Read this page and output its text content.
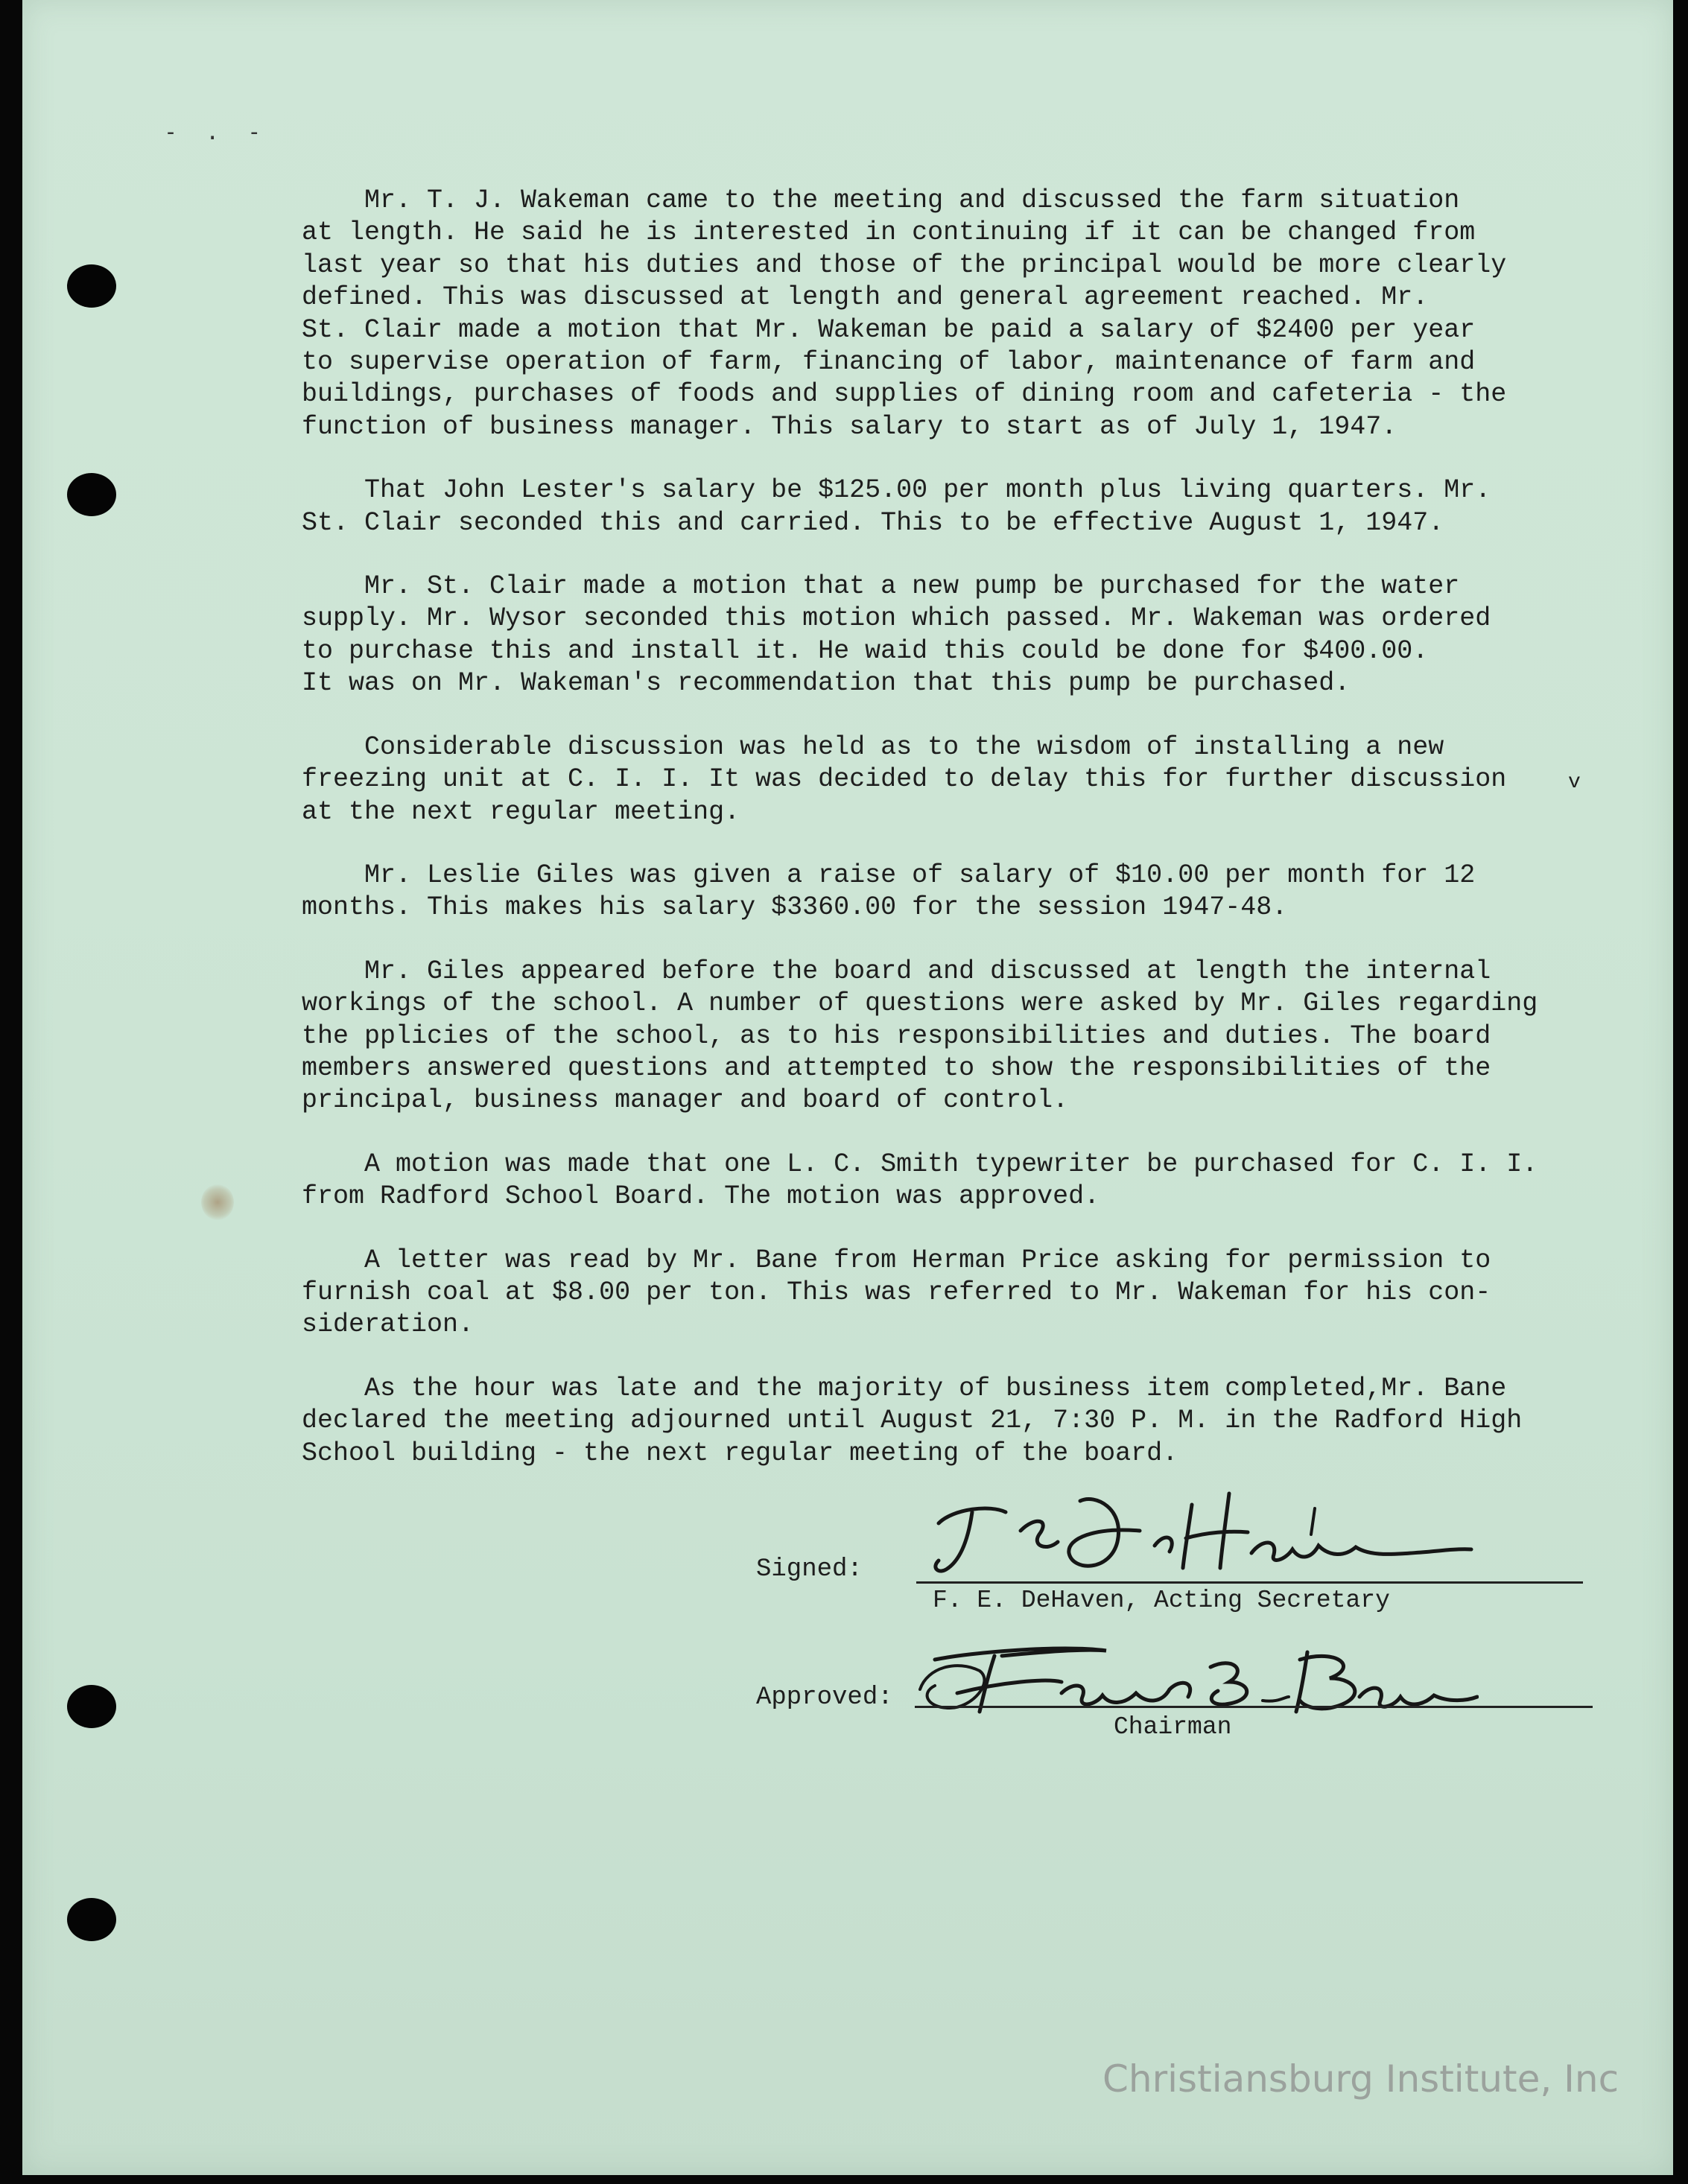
- . -

Mr. T. J. Wakeman came to the meeting and discussed the farm situation
at length. He said he is interested in continuing if it can be changed from
last year so that his duties and those of the principal would be more clearly
defined. This was discussed at length and general agreement reached. Mr.
St. Clair made a motion that Mr. Wakeman be paid a salary of $2400 per year
to supervise operation of farm, financing of labor, maintenance of farm and
buildings, purchases of foods and supplies of dining room and cafeteria - the
function of business manager. This salary to start as of July 1, 1947.

That John Lester's salary be $125.00 per month plus living quarters. Mr.
St. Clair seconded this and carried. This to be effective August 1, 1947.

Mr. St. Clair made a motion that a new pump be purchased for the water
supply. Mr. Wysor seconded this motion which passed. Mr. Wakeman was ordered
to purchase this and install it. He waid this could be done for $400.00.
It was on Mr. Wakeman's recommendation that this pump be purchased.

Considerable discussion was held as to the wisdom of installing a new
freezing unit at C. I. I. It was decided to delay this for further discussion
at the next regular meeting.

Mr. Leslie Giles was given a raise of salary of $10.00 per month for 12
months. This makes his salary $3360.00 for the session 1947-48.

Mr. Giles appeared before the board and discussed at length the internal
workings of the school. A number of questions were asked by Mr. Giles regarding
the pplicies of the school, as to his responsibilities and duties. The board
members answered questions and attempted to show the responsibilities of the
principal, business manager and board of control.

A motion was made that one L. C. Smith typewriter be purchased for C. I. I.
from Radford School Board. The motion was approved.

A letter was read by Mr. Bane from Herman Price asking for permission to
furnish coal at $8.00 per ton. This was referred to Mr. Wakeman for his con-
sideration.

As the hour was late and the majority of business item completed,Mr. Bane
declared the meeting adjourned until August 21, 7:30 P. M. in the Radford High
School building - the next regular meeting of the board.

v
Signed:
F. E. DeHaven
F. E. DeHaven, Acting Secretary
Approved:
Howard E. Bane
Chairman
Christiansburg Institute, Inc
